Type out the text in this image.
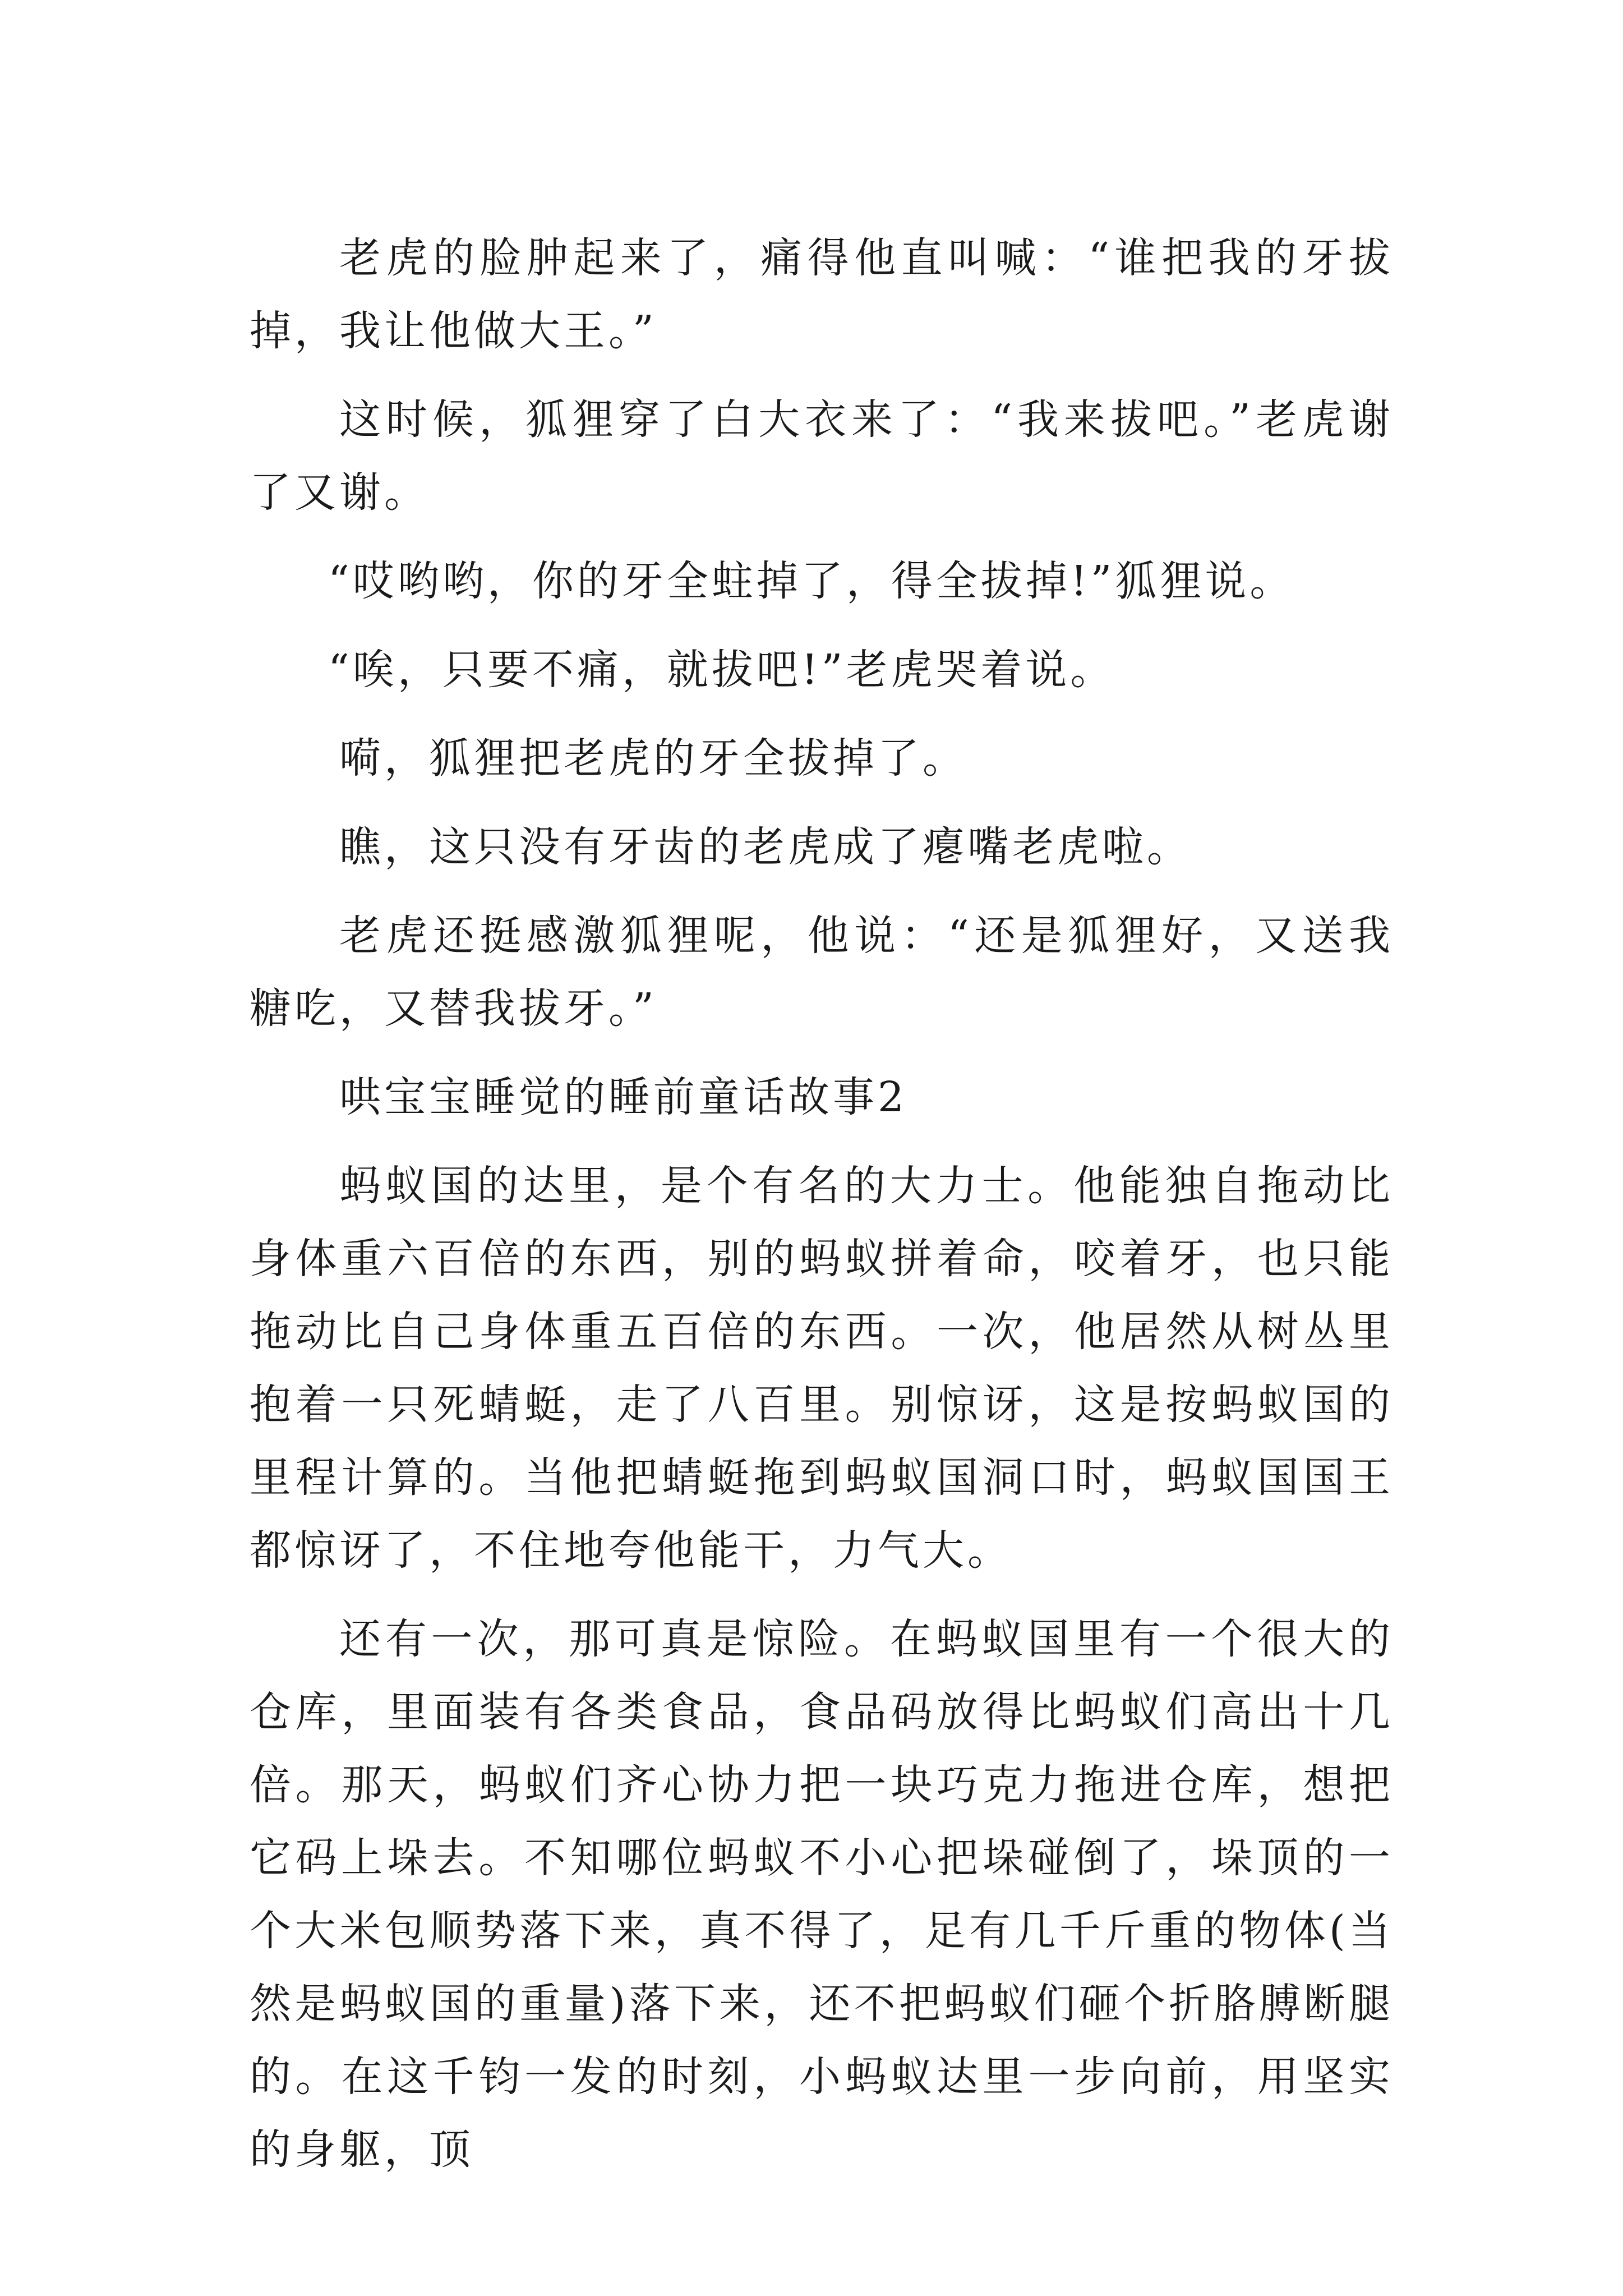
老虎的脸肿起来了，痛得他直叫喊：“谁把我的牙拔掉，我让他做大王。”

这时候，狐狸穿了白大衣来了：“我来拔吧。”老虎谢了又谢。

“哎哟哟，你的牙全蛀掉了，得全拔掉!”狐狸说。

“唉，只要不痛，就拔吧!”老虎哭着说。

嗬，狐狸把老虎的牙全拔掉了。

瞧，这只没有牙齿的老虎成了瘪嘴老虎啦。

老虎还挺感激狐狸呢，他说：“还是狐狸好，又送我糖吃，又替我拔牙。”

哄宝宝睡觉的睡前童话故事2

蚂蚁国的达里，是个有名的大力士。他能独自拖动比身体重六百倍的东西，别的蚂蚁拼着命，咬着牙，也只能拖动比自己身体重五百倍的东西。一次，他居然从树丛里抱着一只死蜻蜓，走了八百里。别惊讶，这是按蚂蚁国的里程计算的。当他把蜻蜓拖到蚂蚁国洞口时，蚂蚁国国王都惊讶了，不住地夸他能干，力气大。

还有一次，那可真是惊险。在蚂蚁国里有一个很大的仓库，里面装有各类食品，食品码放得比蚂蚁们高出十几倍。那天，蚂蚁们齐心协力把一块巧克力拖进仓库，想把它码上垛去。不知哪位蚂蚁不小心把垛碰倒了，垛顶的一个大米包顺势落下来，真不得了，足有几千斤重的物体(当然是蚂蚁国的重量)落下来，还不把蚂蚁们砸个折胳膊断腿的。在这千钧一发的时刻，小蚂蚁达里一步向前，用坚实的身躯，顶
